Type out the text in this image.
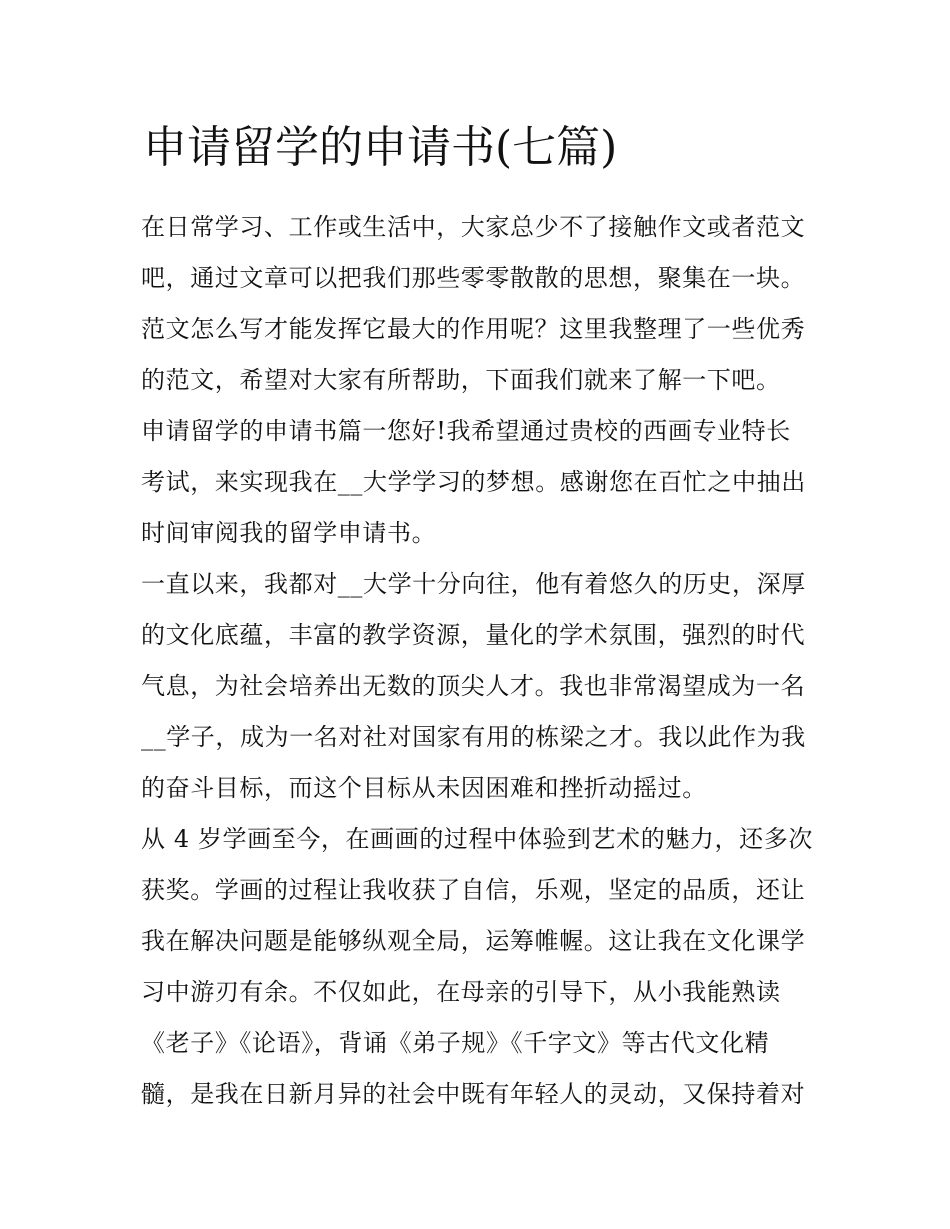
申请留学的申请书(七篇)
在日常学习、工作或生活中，大家总少不了接触作文或者范文
吧，通过文章可以把我们那些零零散散的思想，聚集在一块。
范文怎么写才能发挥它最大的作用呢？这里我整理了一些优秀
的范文，希望对大家有所帮助，下面我们就来了解一下吧。
申请留学的申请书篇一您好!我希望通过贵校的西画专业特长
考试，来实现我在__大学学习的梦想。感谢您在百忙之中抽出
时间审阅我的留学申请书。
一直以来，我都对__大学十分向往，他有着悠久的历史，深厚
的文化底蕴，丰富的教学资源，量化的学术氛围，强烈的时代
气息，为社会培养出无数的顶尖人才。我也非常渴望成为一名
__学子，成为一名对社对国家有用的栋梁之才。我以此作为我
的奋斗目标，而这个目标从未因困难和挫折动摇过。
从 4 岁学画至今，在画画的过程中体验到艺术的魅力，还多次
获奖。学画的过程让我收获了自信，乐观，坚定的品质，还让
我在解决问题是能够纵观全局，运筹帷幄。这让我在文化课学
习中游刃有余。不仅如此，在母亲的引导下，从小我能熟读
《老子》《论语》，背诵《弟子规》《千字文》等古代文化精
髓，是我在日新月异的社会中既有年轻人的灵动，又保持着对
